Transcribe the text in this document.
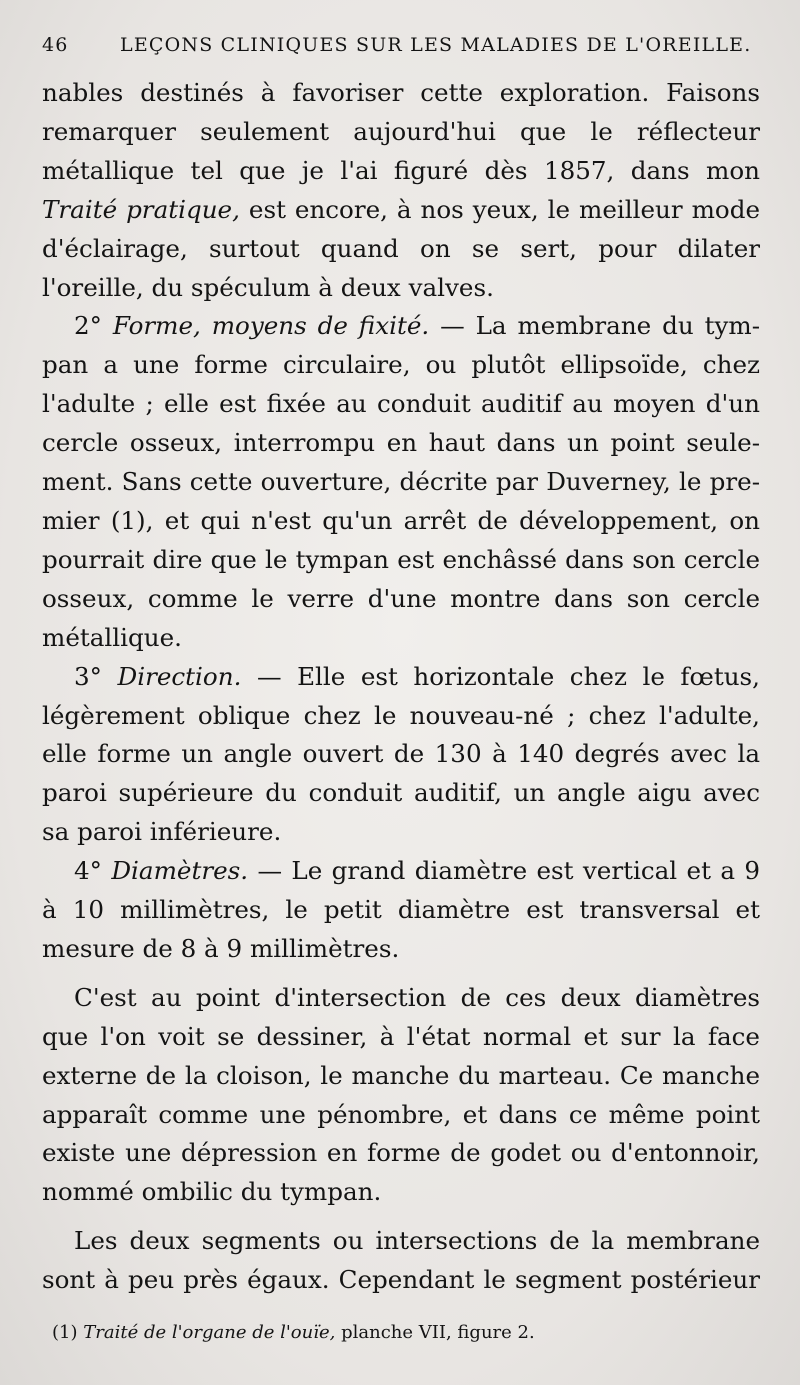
46	LEÇONS CLINIQUES SUR LES MALADIES DE L'OREILLE.

nables destinés à favoriser cette exploration. Faisons remarquer seulement aujourd'hui que le réflecteur métallique tel que je l'ai figuré dès 1857, dans mon Traité pratique, est encore, à nos yeux, le meilleur mode d'éclairage, surtout quand on se sert, pour dilater l'oreille, du spéculum à deux valves.

2° Forme, moyens de fixité. — La membrane du tympan a une forme circulaire, ou plutôt ellipsoïde, chez l'adulte ; elle est fixée au conduit auditif au moyen d'un cercle osseux, interrompu en haut dans un point seulement. Sans cette ouverture, décrite par Duverney, le premier (1), et qui n'est qu'un arrêt de développement, on pourrait dire que le tympan est enchâssé dans son cercle osseux, comme le verre d'une montre dans son cercle métallique.

3° Direction. — Elle est horizontale chez le fœtus, légèrement oblique chez le nouveau-né ; chez l'adulte, elle forme un angle ouvert de 130 à 140 degrés avec la paroi supérieure du conduit auditif, un angle aigu avec sa paroi inférieure.

4° Diamètres. — Le grand diamètre est vertical et a 9 à 10 millimètres, le petit diamètre est transversal et mesure de 8 à 9 millimètres.

C'est au point d'intersection de ces deux diamètres que l'on voit se dessiner, à l'état normal et sur la face externe de la cloison, le manche du marteau. Ce manche apparaît comme une pénombre, et dans ce même point existe une dépression en forme de godet ou d'entonnoir, nommé ombilic du tympan.

Les deux segments ou intersections de la membrane sont à peu près égaux. Cependant le segment postérieur

(1) Traité de l'organe de l'ouïe, planche VII, figure 2.
